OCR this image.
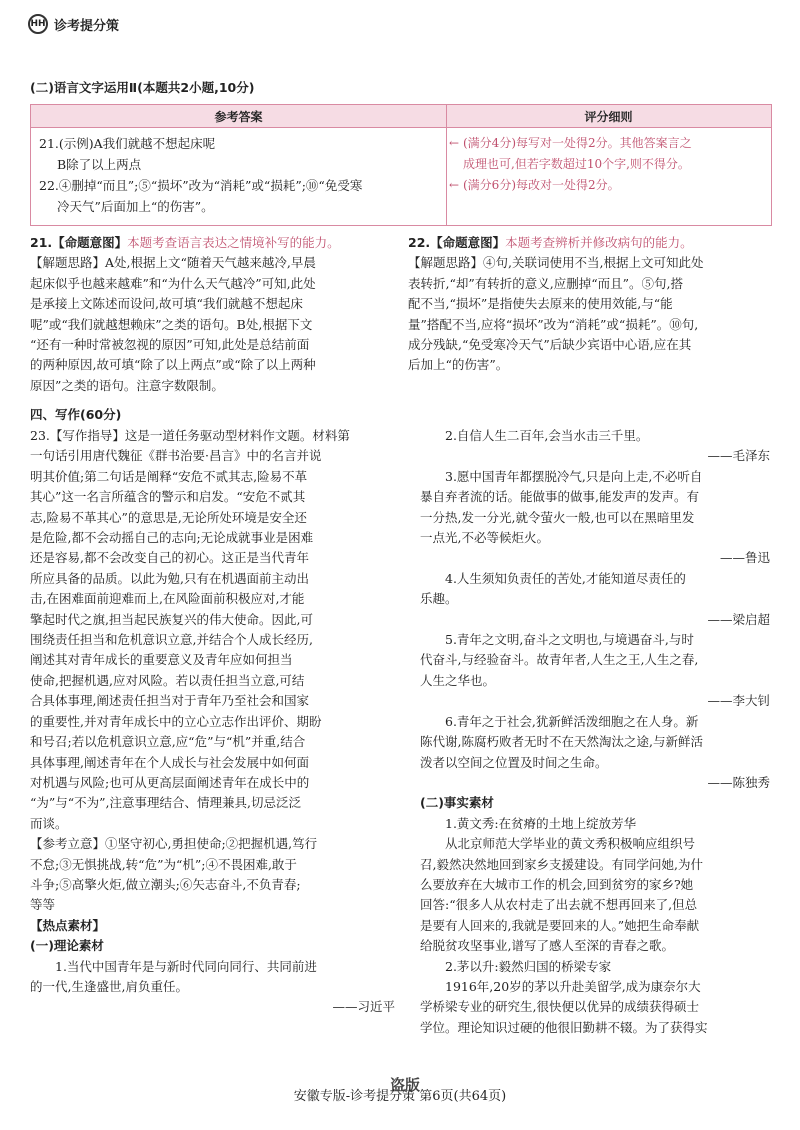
HH 诊考提分策
(二)语言文字运用Ⅱ(本题共2小题,10分)
参考答案	评分细则
21.(示例)A我们就越不想起床呢
B除了以上两点
22.④删掉“而且”;⑤“损坏”改为“消耗”或“损耗”;⑩“免受寒
冷天气”后面加上“的伤害”。
←
←
(满分4分)每写对一处得2分。其他答案言之
成理也可,但若字数超过10个字,则不得分。
(满分6分)每改对一处得2分。

21.【命题意图】本题考查语言表达之情境补写的能力。

【解题思路】A处,根据上文“随着天气越来越冷,早晨

起床似乎也越来越难”和“为什么天气越冷”可知,此处

是承接上文陈述而设问,故可填“我们就越不想起床

呢”或“我们就越想赖床”之类的语句。B处,根据下文

“还有一种时常被忽视的原因”可知,此处是总结前面

的两种原因,故可填“除了以上两点”或“除了以上两种

原因”之类的语句。注意字数限制。

22.【命题意图】本题考查辨析并修改病句的能力。

【解题思路】④句,关联词使用不当,根据上文可知此处

表转折,“却”有转折的意义,应删掉“而且”。⑤句,搭

配不当,“损坏”是指使失去原来的使用效能,与“能

量”搭配不当,应将“损坏”改为“消耗”或“损耗”。⑩句,

成分残缺,“免受寒冷天气”后缺少宾语中心语,应在其

后加上“的伤害”。

四、写作(60分)

23.【写作指导】这是一道任务驱动型材料作文题。材料第

一句话引用唐代魏征《群书治要·昌言》中的名言并说

明其价值;第二句话是阐释“安危不贰其志,险易不革

其心”这一名言所蕴含的警示和启发。“安危不贰其

志,险易不革其心”的意思是,无论所处环境是安全还

是危险,都不会动摇自己的志向;无论成就事业是困难

还是容易,都不会改变自己的初心。这正是当代青年

所应具备的品质。以此为勉,只有在机遇面前主动出

击,在困难面前迎难而上,在风险面前积极应对,才能

擎起时代之旗,担当起民族复兴的伟大使命。因此,可

围绕责任担当和危机意识立意,并结合个人成长经历,

阐述其对青年成长的重要意义及青年应如何担当

使命,把握机遇,应对风险。若以责任担当立意,可结

合具体事理,阐述责任担当对于青年乃至社会和国家

的重要性,并对青年成长中的立心立志作出评价、期盼

和号召;若以危机意识立意,应“危”与“机”并重,结合

具体事理,阐述青年在个人成长与社会发展中如何面

对机遇与风险;也可从更高层面阐述青年在成长中的

“为”与“不为”,注意事理结合、情理兼具,切忌泛泛

而谈。

【参考立意】①坚守初心,勇担使命;②把握机遇,笃行

不怠;③无惧挑战,转“危”为“机”;④不畏困难,敢于

斗争;⑤高擎火炬,做立潮头;⑥矢志奋斗,不负青春;

等等

【热点素材】

(一)理论素材

1.当代中国青年是与新时代同向同行、共同前进

的一代,生逢盛世,肩负重任。

——习近平

2.自信人生二百年,会当水击三千里。

——毛泽东

3.愿中国青年都摆脱冷气,只是向上走,不必听自

暴自弃者流的话。能做事的做事,能发声的发声。有

一分热,发一分光,就令萤火一般,也可以在黑暗里发

一点光,不必等候炬火。

——鲁迅

4.人生须知负责任的苦处,才能知道尽责任的

乐趣。

——梁启超

5.青年之文明,奋斗之文明也,与境遇奋斗,与时

代奋斗,与经验奋斗。故青年者,人生之王,人生之春,

人生之华也。

——李大钊

6.青年之于社会,犹新鲜活泼细胞之在人身。新

陈代谢,陈腐朽败者无时不在天然淘汰之途,与新鲜活

泼者以空间之位置及时间之生命。

——陈独秀

(二)事实素材

1.黄文秀:在贫瘠的土地上绽放芳华

从北京师范大学毕业的黄文秀积极响应组织号

召,毅然决然地回到家乡支援建设。有同学问她,为什

么要放弃在大城市工作的机会,回到贫穷的家乡?她

回答:“很多人从农村走了出去就不想再回来了,但总

是要有人回来的,我就是要回来的人。”她把生命奉献

给脱贫攻坚事业,谱写了感人至深的青春之歌。

2.茅以升:毅然归国的桥梁专家

1916年,20岁的茅以升赴美留学,成为康奈尔大

学桥梁专业的研究生,很快便以优异的成绩获得硕士

学位。理论知识过硬的他很旧勤耕不辍。为了获得实

盗版
安徽专版-诊考提分策 第6页(共64页)
